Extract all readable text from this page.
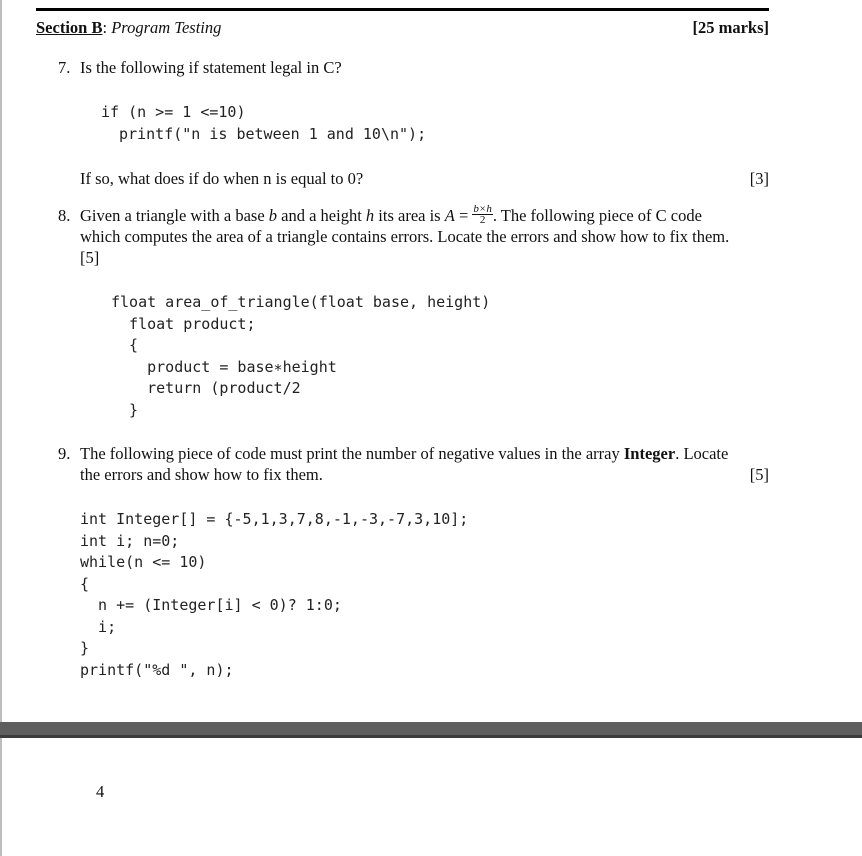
Section B: Program Testing	[25 marks]
7. Is the following if statement legal in C?
if (n >= 1 <=10)
printf("n is between 1 and 10\n");
If so, what does if do when n is equal to 0?	[3]
8. Given a triangle with a base b and a height h its area is $A = \frac{b\times h}{2}$ . The following piece of C code
which computes the area of a triangle contains errors. Locate the errors and show how to fix them.
[5]
float area_of_triangle(float base, height)
float product;
{
product = base∗height
return (product/2
}
9. The following piece of code must print the number of negative values in the array Integer. Locate
the errors and show how to fix them.	[5]
int Integer[] = {-5,1,3,7,8,-1,-3,-7,3,10];
int i; n=0;
while(n <= 10)
{
n += (Integer[i] < 0)? 1:0;
i;
}
printf("%d ", n);
4
